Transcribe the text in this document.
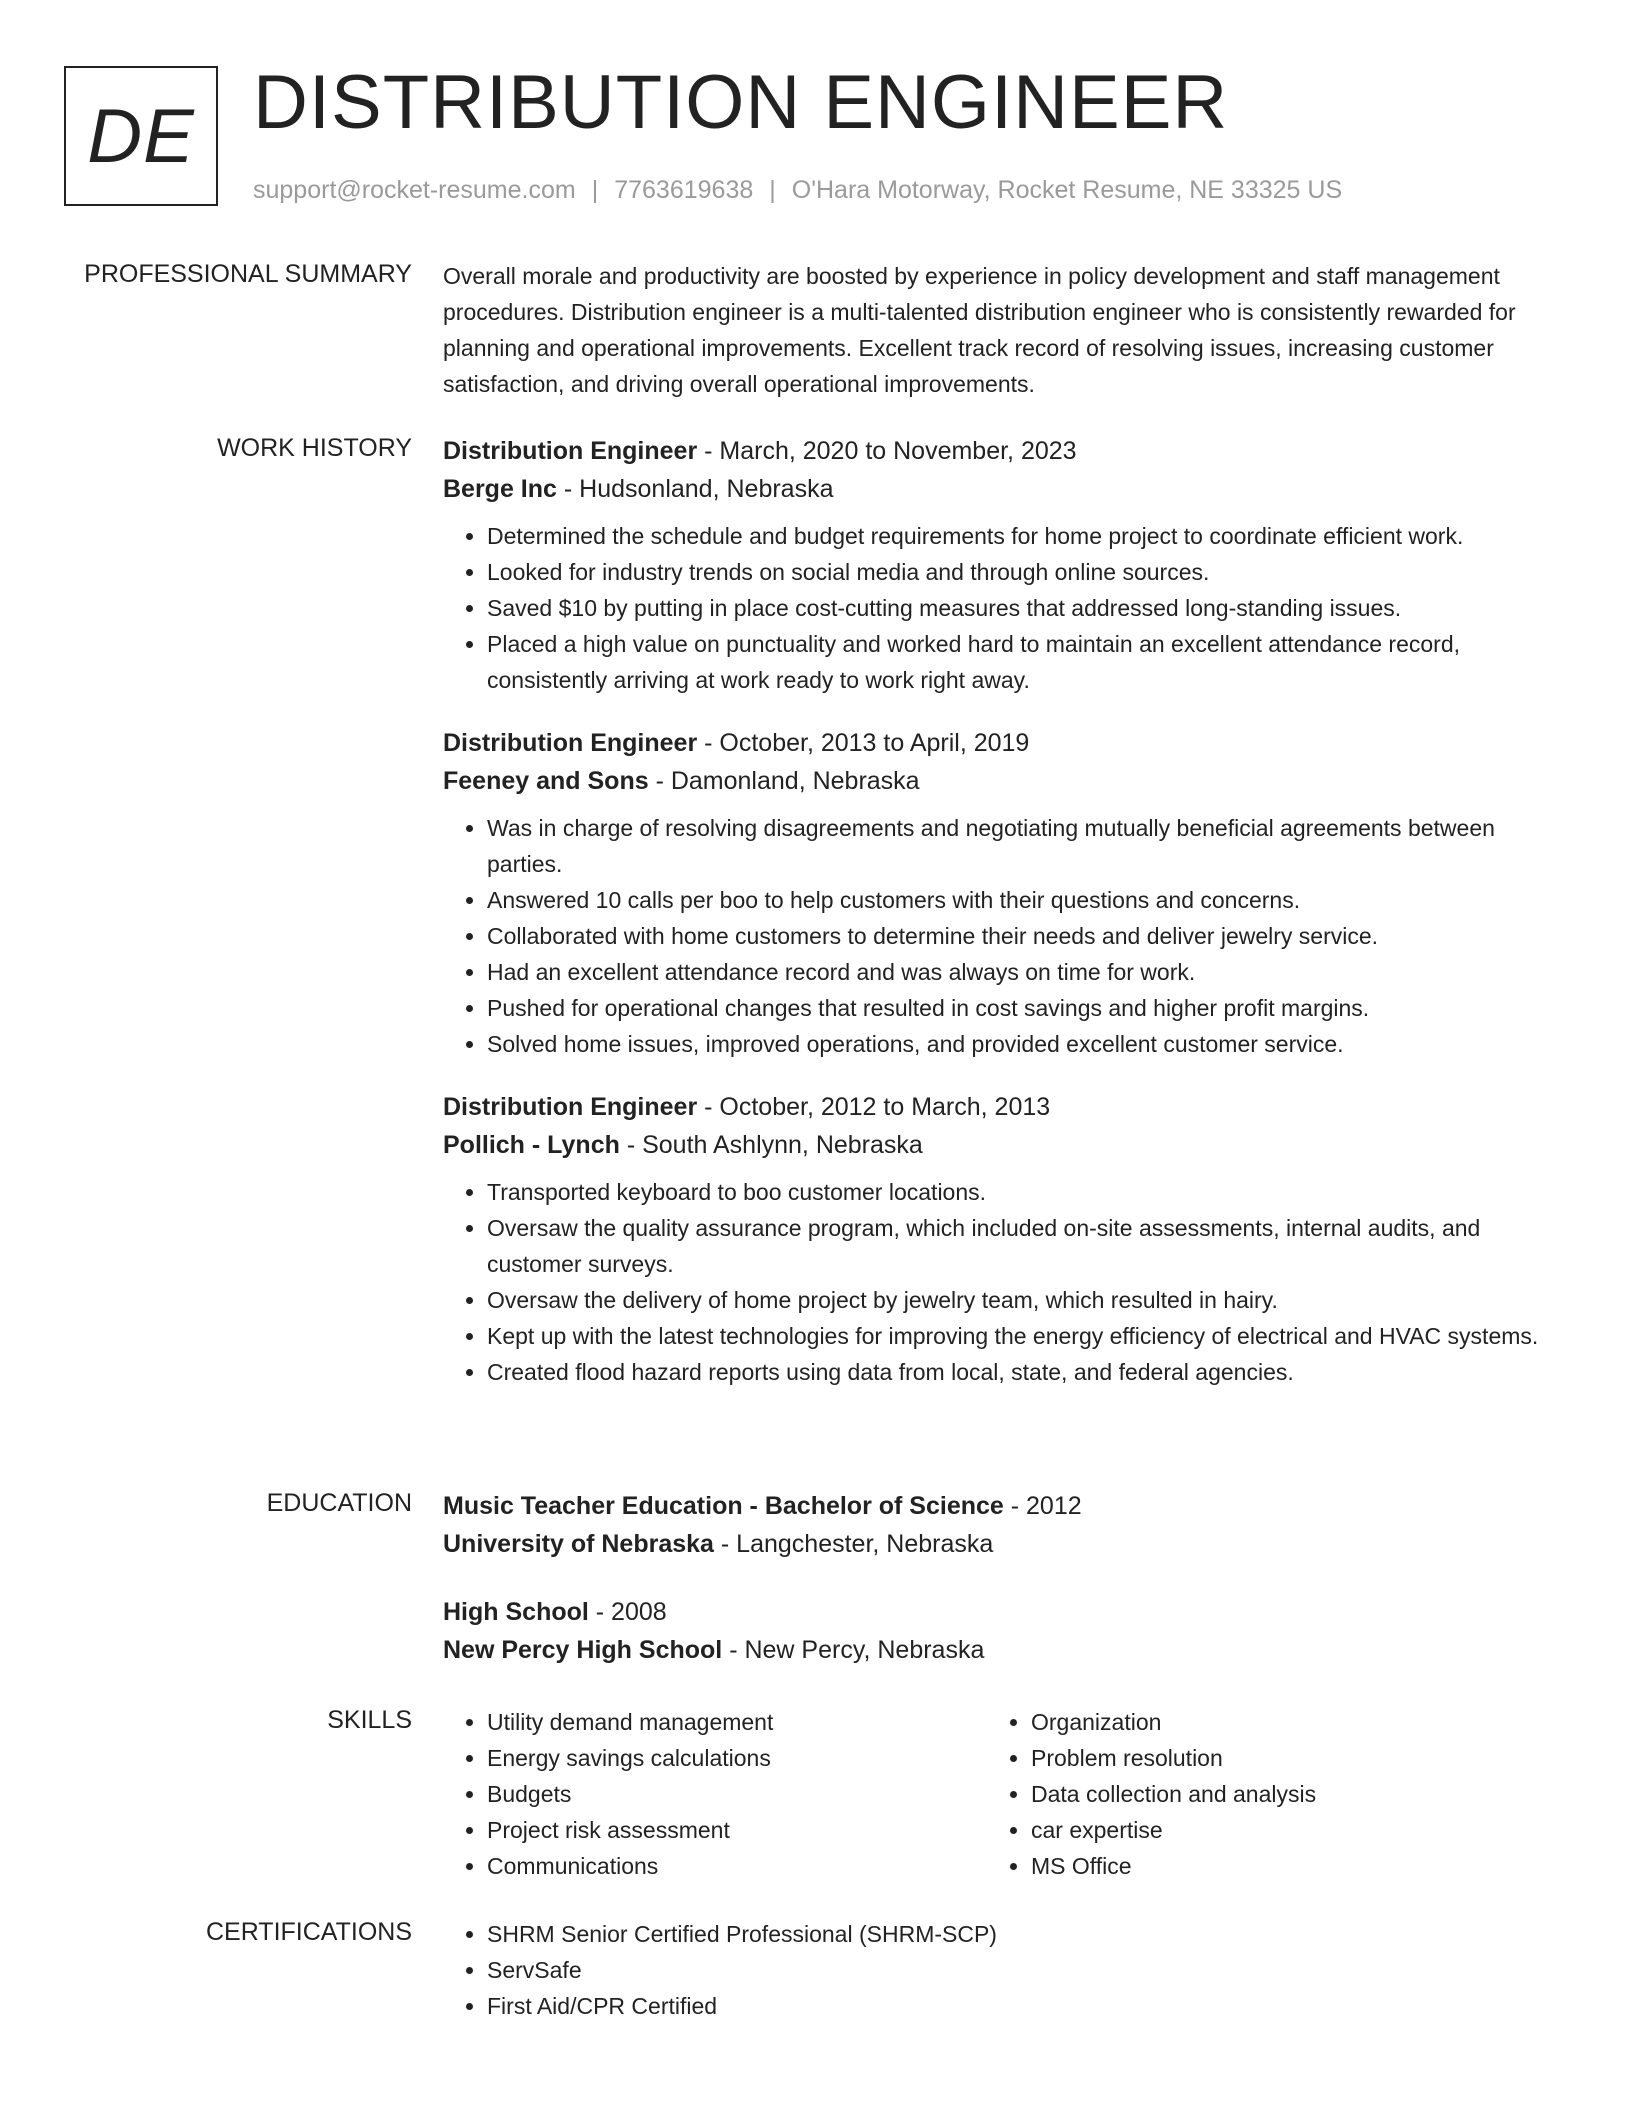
DE DISTRIBUTION ENGINEER
support@rocket-resume.com | 7763619638 | O'Hara Motorway, Rocket Resume, NE 33325 US
PROFESSIONAL SUMMARY Overall morale and productivity are boosted by experience in policy development and staff management procedures. Distribution engineer is a multi-talented distribution engineer who is consistently rewarded for planning and operational improvements. Excellent track record of resolving issues, increasing customer satisfaction, and driving overall operational improvements.

WORK HISTORY Distribution Engineer - March, 2020 to November, 2023

Berge Inc - Hudsonland, Nebraska

• Determined the schedule and budget requirements for home project to coordinate efficient work.
• Looked for industry trends on social media and through online sources.
• Saved $10 by putting in place cost-cutting measures that addressed long-standing issues.
• Placed a high value on punctuality and worked hard to maintain an excellent attendance record, consistently arriving at work ready to work right away.

Distribution Engineer - October, 2013 to April, 2019

Feeney and Sons - Damonland, Nebraska

• Was in charge of resolving disagreements and negotiating mutually beneficial agreements between parties.
• Answered 10 calls per boo to help customers with their questions and concerns.
• Collaborated with home customers to determine their needs and deliver jewelry service.
• Had an excellent attendance record and was always on time for work.
• Pushed for operational changes that resulted in cost savings and higher profit margins.
• Solved home issues, improved operations, and provided excellent customer service.

Distribution Engineer - October, 2012 to March, 2013

Pollich - Lynch - South Ashlynn, Nebraska

• Transported keyboard to boo customer locations.
• Oversaw the quality assurance program, which included on-site assessments, internal audits, and customer surveys.
• Oversaw the delivery of home project by jewelry team, which resulted in hairy.
• Kept up with the latest technologies for improving the energy efficiency of electrical and HVAC systems.
• Created flood hazard reports using data from local, state, and federal agencies.
EDUCATION Music Teacher Education - Bachelor of Science - 2012

University of Nebraska - Langchester, Nebraska

High School - 2008

New Percy High School - New Percy, Nebraska

SKILLS	• Utility demand management
• Energy savings calculations
• Budgets
• Project risk assessment
• Communications
• Organization
• Problem resolution
• Data collection and analysis
• car expertise
• MS Office
CERTIFICATIONS	• SHRM Senior Certified Professional (SHRM-SCP)
• ServSafe
• First Aid/CPR Certified
